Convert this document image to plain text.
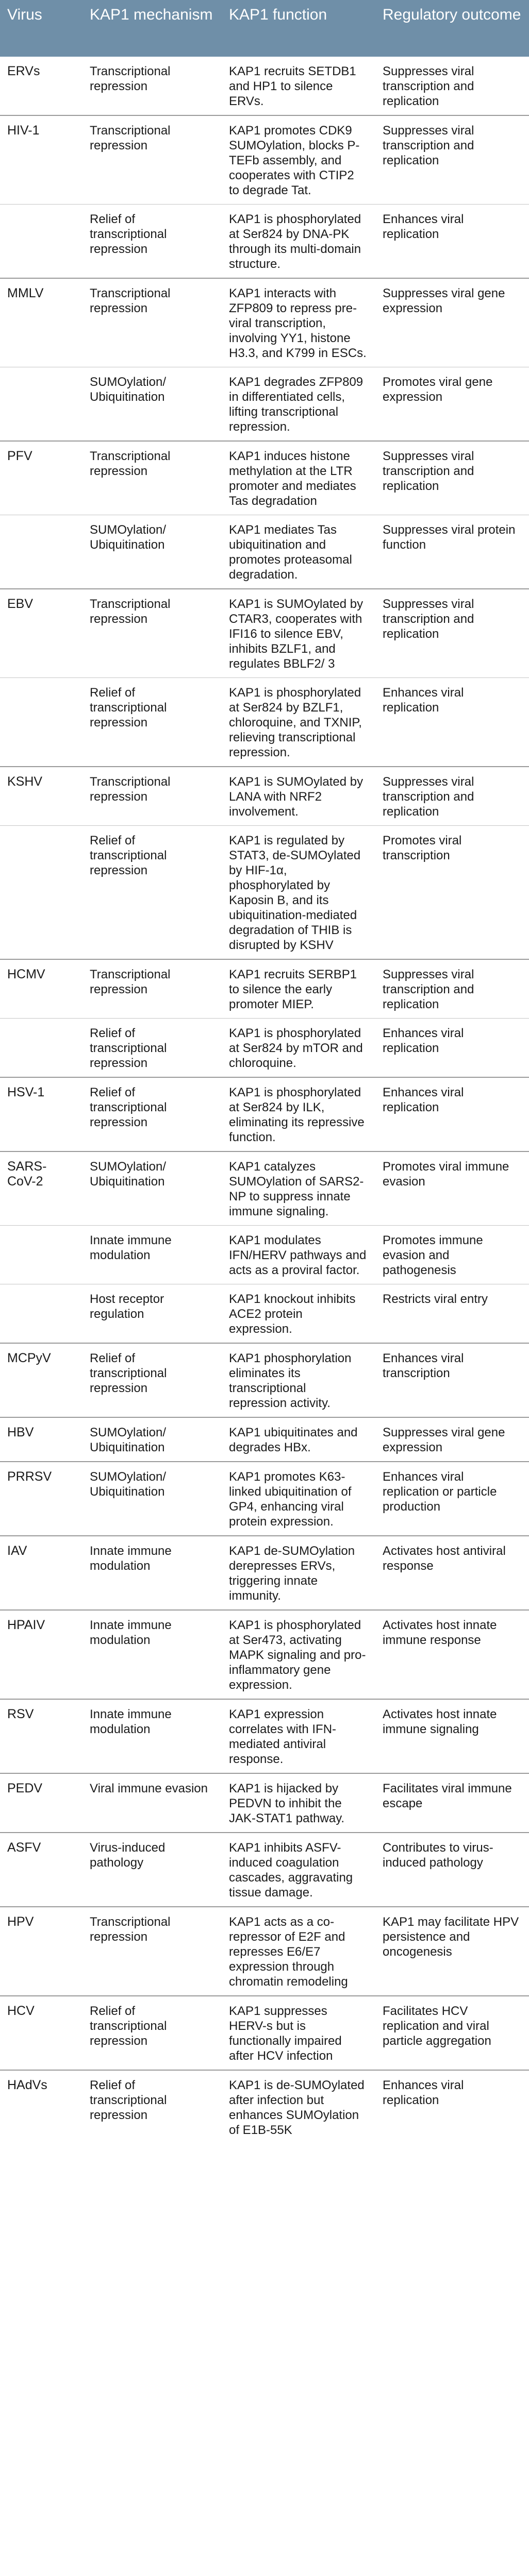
Virus	KAP1 mechanism	KAP1 function	Regulatory outcome
ERVs	Transcriptional repression	KAP1 recruits SETDB1 and HP1 to silence ERVs.	Suppresses viral transcription and replication
HIV-1	Transcriptional repression	KAP1 promotes CDK9 SUMOylation, blocks P-TEFb assembly, and cooperates with CTIP2 to degrade Tat.	Suppresses viral transcription and replication
	Relief of transcriptional repression	KAP1 is phosphorylated at Ser824 by DNA-PK through its multi-domain structure.	Enhances viral replication
MMLV	Transcriptional repression	KAP1 interacts with ZFP809 to repress pre-viral transcription, involving YY1, histone H3.3, and K799 in ESCs.	Suppresses viral gene expression
	SUMOylation/ Ubiquitination	KAP1 degrades ZFP809 in differentiated cells, lifting transcriptional repression.	Promotes viral gene expression
PFV	Transcriptional repression	KAP1 induces histone methylation at the LTR promoter and mediates Tas degradation	Suppresses viral transcription and replication
	SUMOylation/ Ubiquitination	KAP1 mediates Tas ubiquitination and promotes proteasomal degradation.	Suppresses viral protein function
EBV	Transcriptional repression	KAP1 is SUMOylated by CTAR3, cooperates with IFI16 to silence EBV, inhibits BZLF1, and regulates BBLF2/ 3	Suppresses viral transcription and replication
	Relief of transcriptional repression	KAP1 is phosphorylated at Ser824 by BZLF1, chloroquine, and TXNIP, relieving transcriptional repression.	Enhances viral replication
KSHV	Transcriptional repression	KAP1 is SUMOylated by LANA with NRF2 involvement.	Suppresses viral transcription and replication
	Relief of transcriptional repression	KAP1 is regulated by STAT3, de-SUMOylated by HIF-1α, phosphorylated by Kaposin B, and its ubiquitination-mediated degradation of THIB is disrupted by KSHV	Promotes viral transcription
HCMV	Transcriptional repression	KAP1 recruits SERBP1 to silence the early promoter MIEP.	Suppresses viral transcription and replication
	Relief of transcriptional repression	KAP1 is phosphorylated at Ser824 by mTOR and chloroquine.	Enhances viral replication
HSV-1	Relief of transcriptional repression	KAP1 is phosphorylated at Ser824 by ILK, eliminating its repressive function.	Enhances viral replication
SARS-CoV-2	SUMOylation/ Ubiquitination	KAP1 catalyzes SUMOylation of SARS2-NP to suppress innate immune signaling.	Promotes viral immune evasion
	Innate immune modulation	KAP1 modulates IFN/HERV pathways and acts as a proviral factor.	Promotes immune evasion and pathogenesis
	Host receptor regulation	KAP1 knockout inhibits ACE2 protein expression.	Restricts viral entry
MCPyV	Relief of transcriptional repression	KAP1 phosphorylation eliminates its transcriptional repression activity.	Enhances viral transcription
HBV	SUMOylation/ Ubiquitination	KAP1 ubiquitinates and degrades HBx.	Suppresses viral gene expression
PRRSV	SUMOylation/ Ubiquitination	KAP1 promotes K63-linked ubiquitination of GP4, enhancing viral protein expression.	Enhances viral replication or particle production
IAV	Innate immune modulation	KAP1 de-SUMOylation derepresses ERVs, triggering innate immunity.	Activates host antiviral response
HPAIV	Innate immune modulation	KAP1 is phosphorylated at Ser473, activating MAPK signaling and pro-inflammatory gene expression.	Activates host innate immune response
RSV	Innate immune modulation	KAP1 expression correlates with IFN-mediated antiviral response.	Activates host innate immune signaling
PEDV	Viral immune evasion	KAP1 is hijacked by PEDVN to inhibit the JAK-STAT1 pathway.	Facilitates viral immune escape
ASFV	Virus-induced pathology	KAP1 inhibits ASFV-induced coagulation cascades, aggravating tissue damage.	Contributes to virus-induced pathology
HPV	Transcriptional repression	KAP1 acts as a co-repressor of E2F and represses E6/E7 expression through chromatin remodeling	KAP1 may facilitate HPV persistence and oncogenesis
HCV	Relief of transcriptional repression	KAP1 suppresses HERV-s but is functionally impaired after HCV infection	Facilitates HCV replication and viral particle aggregation
HAdVs	Relief of transcriptional repression	KAP1 is de-SUMOylated after infection but enhances SUMOylation of E1B-55K	Enhances viral replication
